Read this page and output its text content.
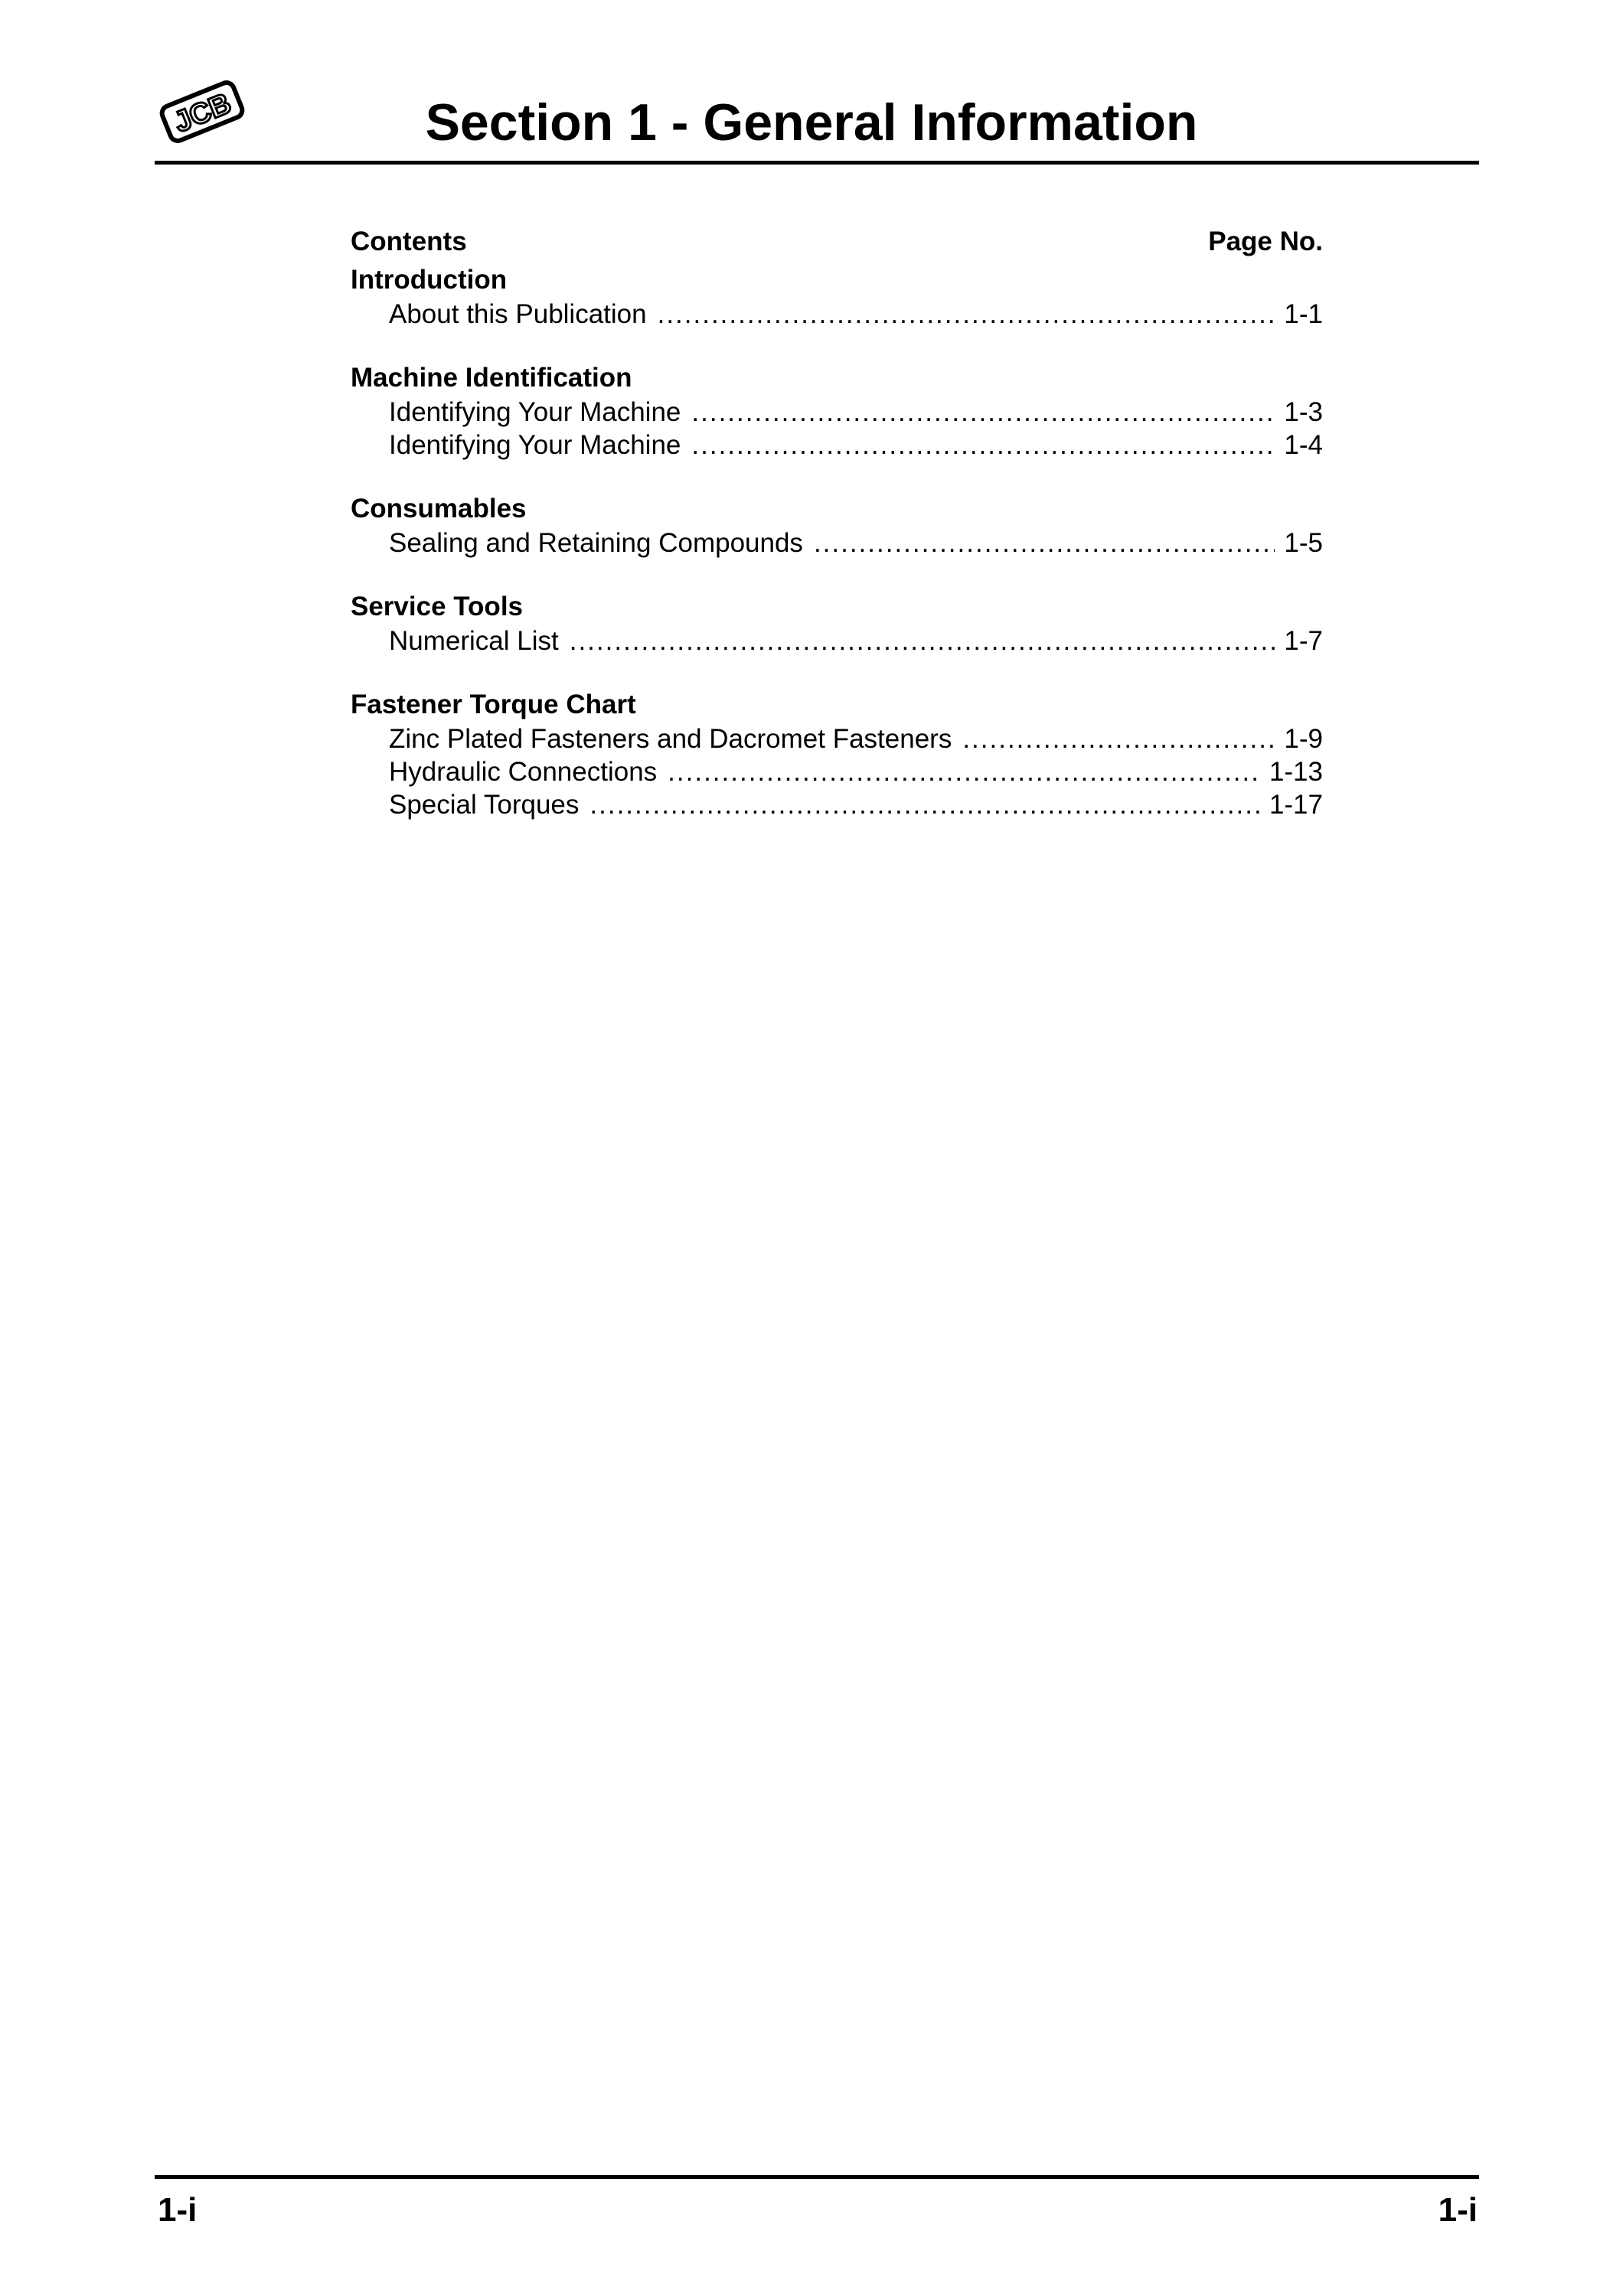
JCB	Section 1 - General Information
Contents	Page No.
Introduction
About this Publication .....	1-1
Machine Identification
Identifying Your Machine .....	1-3
Identifying Your Machine .....	1-4
Consumables
Sealing and Retaining Compounds .....	1-5
Service Tools
Numerical List .....	1-7
Fastener Torque Chart
Zinc Plated Fasteners and Dacromet Fasteners .....	1-9
Hydraulic Connections .....	1-13
Special Torques .....	1-17
1-i	1-i
